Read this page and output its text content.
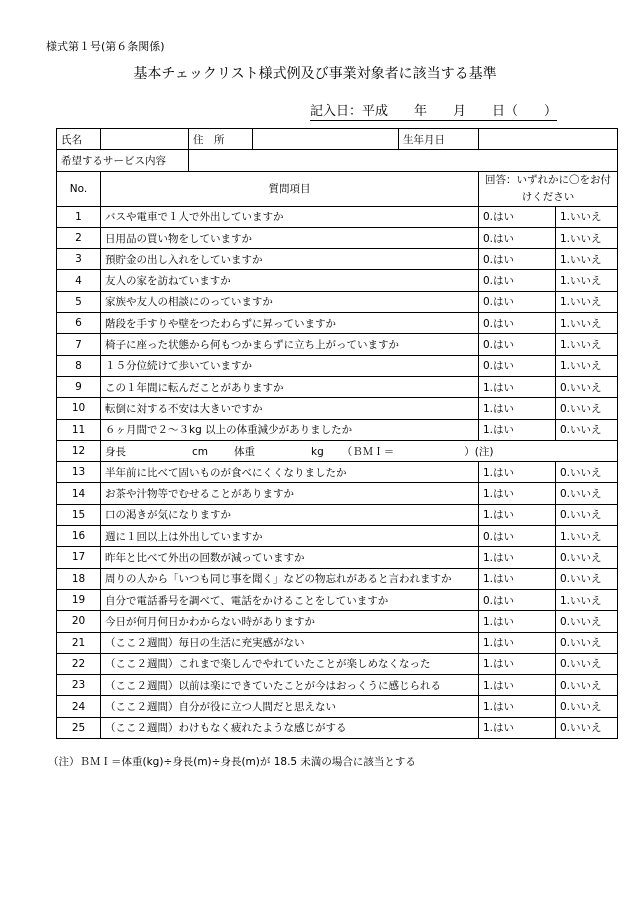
様式第１号(第６条関係)
基本チェックリスト様式例及び事業対象者に該当する基準
記入日：平成　　年　　月　　日（　　）
氏名		住　所		生年月日		
希望するサービス内容						
No.	質問項目				回答：いずれかに〇をお付けください	
1	バスや電車で１人で外出していますか				0.はい	1.いいえ
2	日用品の買い物をしていますか				0.はい	1.いいえ
3	預貯金の出し入れをしていますか				0.はい	1.いいえ
4	友人の家を訪ねていますか				0.はい	1.いいえ
5	家族や友人の相談にのっていますか				0.はい	1.いいえ
6	階段を手すりや壁をつたわらずに昇っていますか				0.はい	1.いいえ
7	椅子に座った状態から何もつかまらずに立ち上がっていますか				0.はい	1.いいえ
8	１５分位続けて歩いていますか				0.はい	1.いいえ
9	この１年間に転んだことがありますか				1.はい	0.いいえ
10	転倒に対する不安は大きいですか				1.はい	0.いいえ
11	６ヶ月間で２～３kg 以上の体重減少がありましたか				1.はい	0.いいえ
12	身長 cm 体重 kg （ＢＭＩ＝ ）(注)					
13	半年前に比べて固いものが食べにくくなりましたか				1.はい	0.いいえ
14	お茶や汁物等でむせることがありますか				1.はい	0.いいえ
15	口の渇きが気になりますか				1.はい	0.いいえ
16	週に１回以上は外出していますか				0.はい	1.いいえ
17	昨年と比べて外出の回数が減っていますか				1.はい	0.いいえ
18	周りの人から「いつも同じ事を聞く」などの物忘れがあると言われますか				1.はい	0.いいえ
19	自分で電話番号を調べて、電話をかけることをしていますか				0.はい	1.いいえ
20	今日が何月何日かわからない時がありますか				1.はい	0.いいえ
21	（ここ２週間）毎日の生活に充実感がない				1.はい	0.いいえ
22	（ここ２週間）これまで楽しんでやれていたことが楽しめなくなった				1.はい	0.いいえ
23	（ここ２週間）以前は楽にできていたことが今はおっくうに感じられる				1.はい	0.いいえ
24	（ここ２週間）自分が役に立つ人間だと思えない				1.はい	0.いいえ
25	（ここ２週間）わけもなく疲れたような感じがする				1.はい	0.いいえ
（注）ＢＭＩ＝体重(kg)÷身長(m)÷身長(m)が 18.5 未満の場合に該当とする
